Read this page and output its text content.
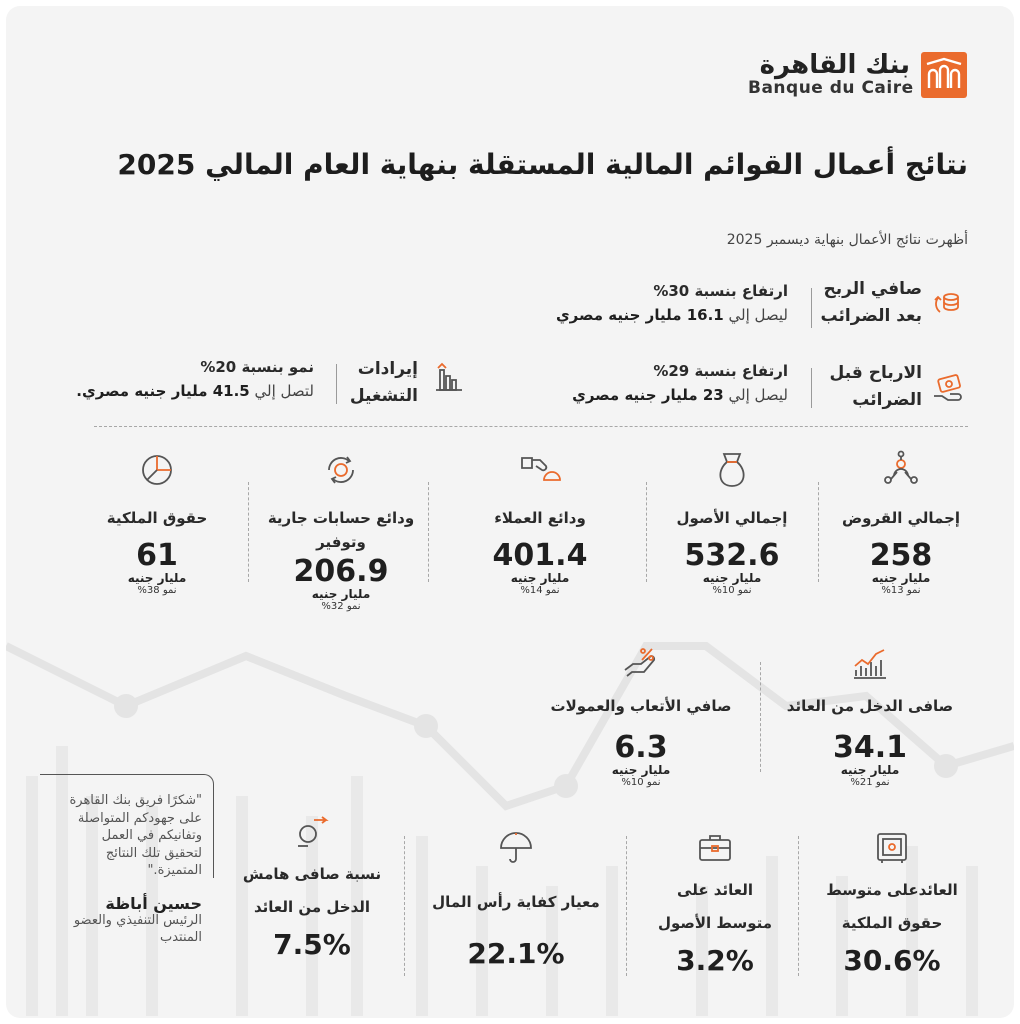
بنك القاهرة
Banque du Caire
نتائج أعمال القوائم المالية المستقلة بنهاية العام المالي 2025
أظهرت نتائج الأعمال بنهاية ديسمبر 2025
صافي الربح
بعد الضرائب
ارتفاع بنسبة 30%
ليصل إلي 16.1 مليار جنيه مصري
الارباح قبل
الضرائب
ارتفاع بنسبة 29%
ليصل إلي 23 مليار جنيه مصري
إيرادات
التشغيل
نمو بنسبة 20%
لتصل إلي 41.5 مليار جنيه مصري.
إجمالي القروض
258
مليار جنيه
نمو 13%
إجمالي الأصول
532.6
مليار جنيه
نمو 10%
ودائع العملاء
401.4
مليار جنيه
نمو 14%
ودائع حسابات جارية
وتوفير
206.9
مليار جنيه
نمو 32%
حقوق الملكية
61
مليار جنيه
نمو 38%
صافى الدخل من العائد
34.1
مليار جنيه
نمو 21%
صافي الأتعاب والعمولات
6.3
مليار جنيه
نمو 10%
العائدعلى متوسط
حقوق الملكية
30.6%
العائد على
متوسط الأصول
3.2%
معيار كفاية رأس المال
22.1%
نسبة صافى هامش
الدخل من العائد
7.5%
"شكرًا فريق بنك القاهرة
على جهودكم المتواصلة
وتفانيكم في العمل
لتحقيق تلك النتائج
المتميزة."
حسين أباظة
الرئيس التنفيذي والعضو
المنتدب
